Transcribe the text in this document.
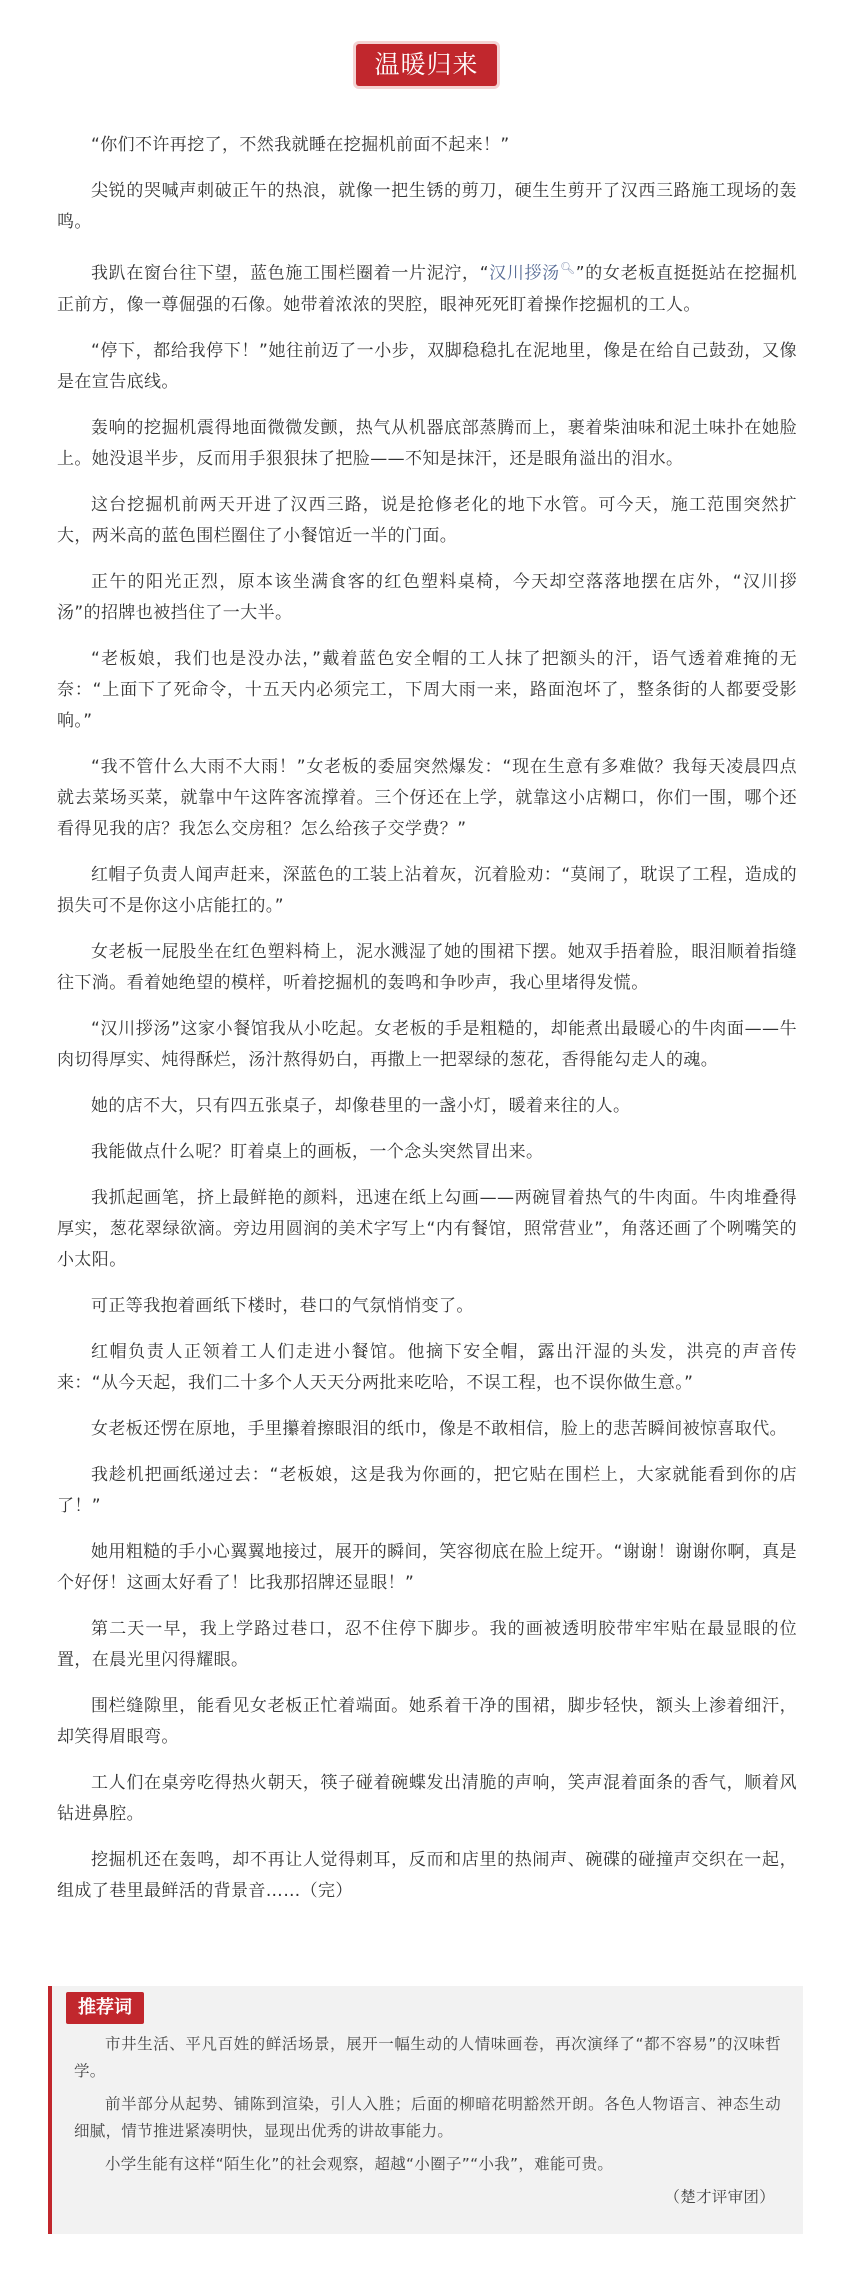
温暖归来

“你们不许再挖了，不然我就睡在挖掘机前面不起来！”

尖锐的哭喊声刺破正午的热浪，就像一把生锈的剪刀，硬生生剪开了汉西三路施工现场的轰鸣。

我趴在窗台往下望，蓝色施工围栏圈着一片泥泞，“汉川拶汤🔍︎”的女老板直挺挺站在挖掘机正前方，像一尊倔强的石像。她带着浓浓的哭腔，眼神死死盯着操作挖掘机的工人。

“停下，都给我停下！”她往前迈了一小步，双脚稳稳扎在泥地里，像是在给自己鼓劲，又像是在宣告底线。

轰响的挖掘机震得地面微微发颤，热气从机器底部蒸腾而上，裹着柴油味和泥土味扑在她脸上。她没退半步，反而用手狠狠抹了把脸——不知是抹汗，还是眼角溢出的泪水。

这台挖掘机前两天开进了汉西三路，说是抢修老化的地下水管。可今天，施工范围突然扩大，两米高的蓝色围栏圈住了小餐馆近一半的门面。

正午的阳光正烈，原本该坐满食客的红色塑料桌椅，今天却空落落地摆在店外，“汉川拶汤”的招牌也被挡住了一大半。

“老板娘，我们也是没办法，”戴着蓝色安全帽的工人抹了把额头的汗，语气透着难掩的无奈：“上面下了死命令，十五天内必须完工，下周大雨一来，路面泡坏了，整条街的人都要受影响。”

“我不管什么大雨不大雨！”女老板的委屈突然爆发：“现在生意有多难做？我每天凌晨四点就去菜场买菜，就靠中午这阵客流撑着。三个伢还在上学，就靠这小店糊口，你们一围，哪个还看得见我的店？我怎么交房租？怎么给孩子交学费？”

红帽子负责人闻声赶来，深蓝色的工装上沾着灰，沉着脸劝：“莫闹了，耽误了工程，造成的损失可不是你这小店能扛的。”

女老板一屁股坐在红色塑料椅上，泥水溅湿了她的围裙下摆。她双手捂着脸，眼泪顺着指缝往下淌。看着她绝望的模样，听着挖掘机的轰鸣和争吵声，我心里堵得发慌。

“汉川拶汤”这家小餐馆我从小吃起。女老板的手是粗糙的，却能煮出最暖心的牛肉面——牛肉切得厚实、炖得酥烂，汤汁熬得奶白，再撒上一把翠绿的葱花，香得能勾走人的魂。

她的店不大，只有四五张桌子，却像巷里的一盏小灯，暖着来往的人。

我能做点什么呢？盯着桌上的画板，一个念头突然冒出来。

我抓起画笔，挤上最鲜艳的颜料，迅速在纸上勾画——两碗冒着热气的牛肉面。牛肉堆叠得厚实，葱花翠绿欲滴。旁边用圆润的美术字写上“内有餐馆，照常营业”，角落还画了个咧嘴笑的小太阳。

可正等我抱着画纸下楼时，巷口的气氛悄悄变了。

红帽负责人正领着工人们走进小餐馆。他摘下安全帽，露出汗湿的头发，洪亮的声音传来：“从今天起，我们二十多个人天天分两批来吃哈，不误工程，也不误你做生意。”

女老板还愣在原地，手里攥着擦眼泪的纸巾，像是不敢相信，脸上的悲苦瞬间被惊喜取代。

我趁机把画纸递过去：“老板娘，这是我为你画的，把它贴在围栏上，大家就能看到你的店了！”

她用粗糙的手小心翼翼地接过，展开的瞬间，笑容彻底在脸上绽开。“谢谢！谢谢你啊，真是个好伢！这画太好看了！比我那招牌还显眼！”

第二天一早，我上学路过巷口，忍不住停下脚步。我的画被透明胶带牢牢贴在最显眼的位置，在晨光里闪得耀眼。

围栏缝隙里，能看见女老板正忙着端面。她系着干净的围裙，脚步轻快，额头上渗着细汗，却笑得眉眼弯。

工人们在桌旁吃得热火朝天，筷子碰着碗蝶发出清脆的声响，笑声混着面条的香气，顺着风钻进鼻腔。

挖掘机还在轰鸣，却不再让人觉得刺耳，反而和店里的热闹声、碗碟的碰撞声交织在一起，组成了巷里最鲜活的背景音……（完）

推荐词

市井生活、平凡百姓的鲜活场景，展开一幅生动的人情味画卷，再次演绎了“都不容易”的汉味哲学。

前半部分从起势、铺陈到渲染，引人入胜；后面的柳暗花明豁然开朗。各色人物语言、神态生动细腻，情节推进紧凑明快，显现出优秀的讲故事能力。

小学生能有这样“陌生化”的社会观察，超越“小圈子”“小我”，难能可贵。

（楚才评审团）
